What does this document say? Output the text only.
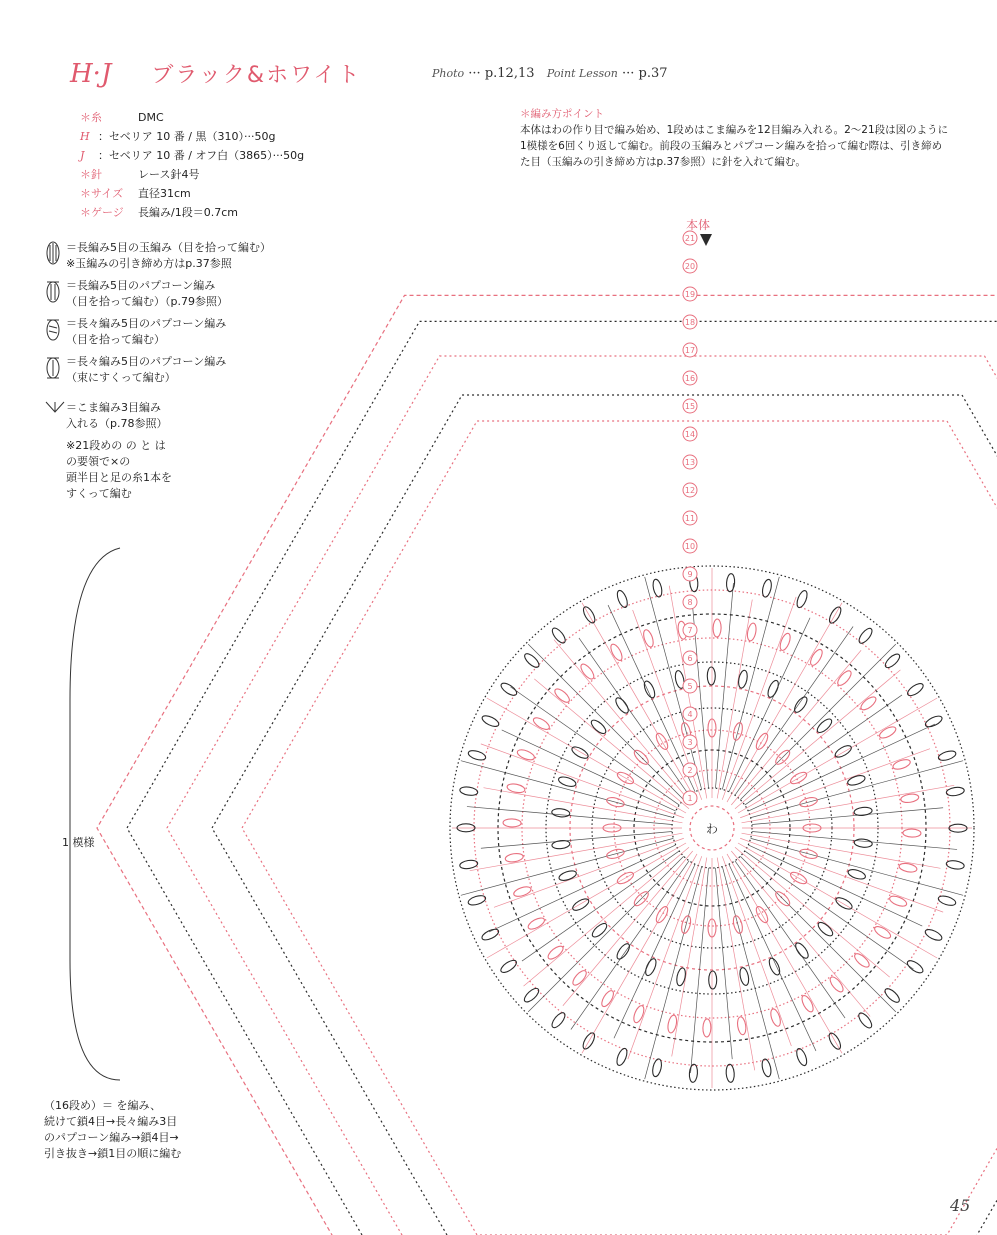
わ
21
20
19
18
17
16
15
14
13
12
11
10
9
8
7
6
5
4
3
2
1
H·J ブラック&ホワイト	Photo ··· p.12,13 Point Lesson ··· p.37
＊糸	DMC
H ：セベリア 10 番 / 黒（310）···50g
J	：セベリア 10 番 / オフ白（3865）···50g
＊針	レース針4号
＊サイズ	直径31cm
＊ゲージ	長編み/1段＝0.7cm
＊編み方ポイント
本体はわの作り目で編み始め、1段めはこま編みを12目編み入れる。2～21段は図のように1模様を6回くり返して編む。前段の玉編みとパプコーン編みを拾って編む際は、引き締めた目（玉編みの引き締め方はp.37参照）に針を入れて編む。
＝長編み5目の玉編み（目を拾って編む）
※玉編みの引き締め方はp.37参照
＝長編み5目のパプコーン編み
（目を拾って編む）（p.79参照）
＝長々編み5目のパプコーン編み
（目を拾って編む）
＝長々編み5目のパプコーン編み
（束にすくって編む）
＝こま編み3目編み
入れる（p.78参照）
※21段めの の と は
の要領で×の
頭半目と足の糸1本を
すくって編む
本体
1 模様
（16段め）＝ を編み、
続けて鎖4目→長々編み3目
のパプコーン編み→鎖4目→
引き抜き→鎖1目の順に編む
45
